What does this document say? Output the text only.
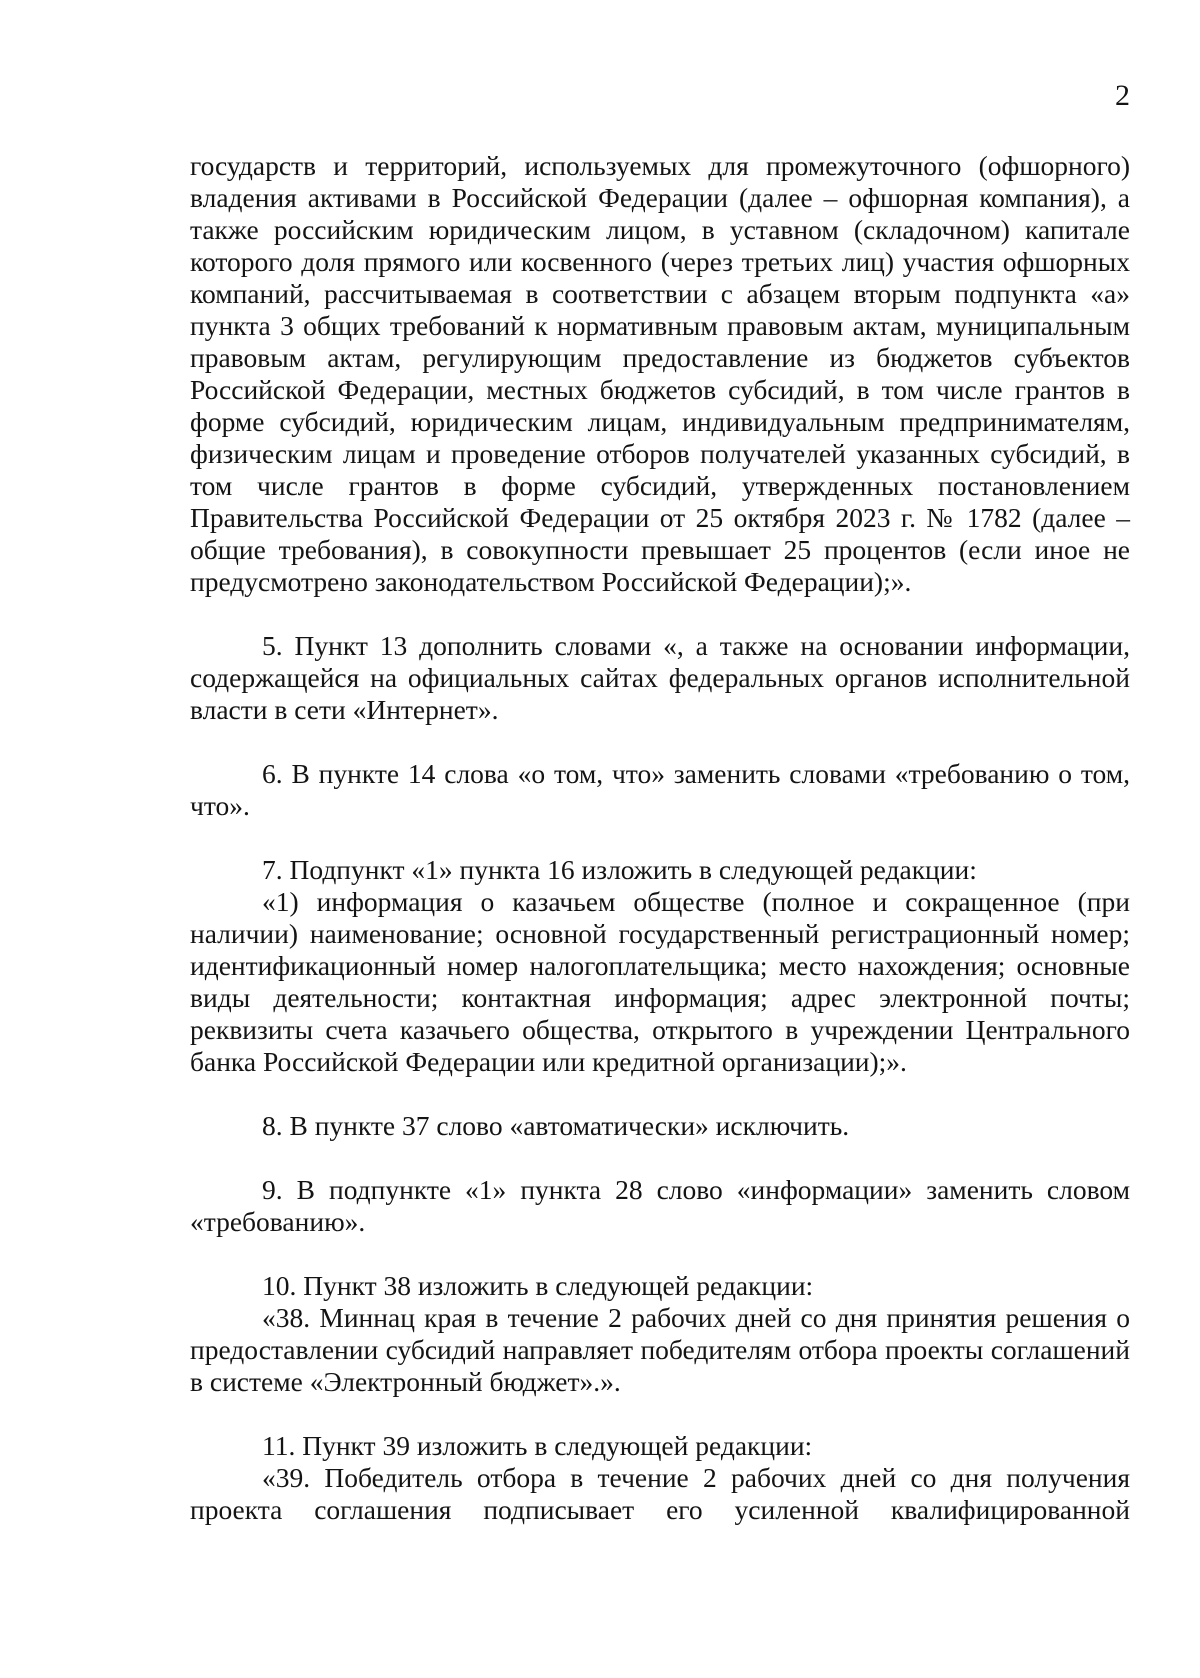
2

государств и территорий, используемых для промежуточного (офшорного) владения активами в Российской Федерации (далее – офшорная компания), а также российским юридическим лицом, в уставном (складочном) капитале которого доля прямого или косвенного (через третьих лиц) участия офшорных компаний, рассчитываемая в соответствии с абзацем вторым подпункта «а» пункта 3 общих требований к нормативным правовым актам, муниципальным правовым актам, регулирующим предоставление из бюджетов субъектов Российской Федерации, местных бюджетов субсидий, в том числе грантов в форме субсидий, юридическим лицам, индивидуальным предпринимателям, физическим лицам и проведение отборов получателей указанных субсидий, в том числе грантов в форме субсидий, утвержденных постановлением Правительства Российской Федерации от 25 октября 2023 г. № 1782 (далее – общие требования), в совокупности превышает 25 процентов (если иное не предусмотрено законодательством Российской Федерации);».

5. Пункт 13 дополнить словами «, а также на основании информации, содержащейся на официальных сайтах федеральных органов исполнительной власти в сети «Интернет».

6. В пункте 14 слова «о том, что» заменить словами «требованию о том, что».

7. Подпункт «1» пункта 16 изложить в следующей редакции:

«1) информация о казачьем обществе (полное и сокращенное (при наличии) наименование; основной государственный регистрационный номер; идентификационный номер налогоплательщика; место нахождения; основные виды деятельности; контактная информация; адрес электронной почты; реквизиты счета казачьего общества, открытого в учреждении Центрального банка Российской Федерации или кредитной организации);».

8. В пункте 37 слово «автоматически» исключить.

9. В подпункте «1» пункта 28 слово «информации» заменить словом «требованию».

10. Пункт 38 изложить в следующей редакции:

«38. Миннац края в течение 2 рабочих дней со дня принятия решения о предоставлении субсидий направляет победителям отбора проекты соглашений в системе «Электронный бюджет».».

11. Пункт 39 изложить в следующей редакции:

«39. Победитель отбора в течение 2 рабочих дней со дня получения проекта соглашения подписывает его усиленной квалифицированной
